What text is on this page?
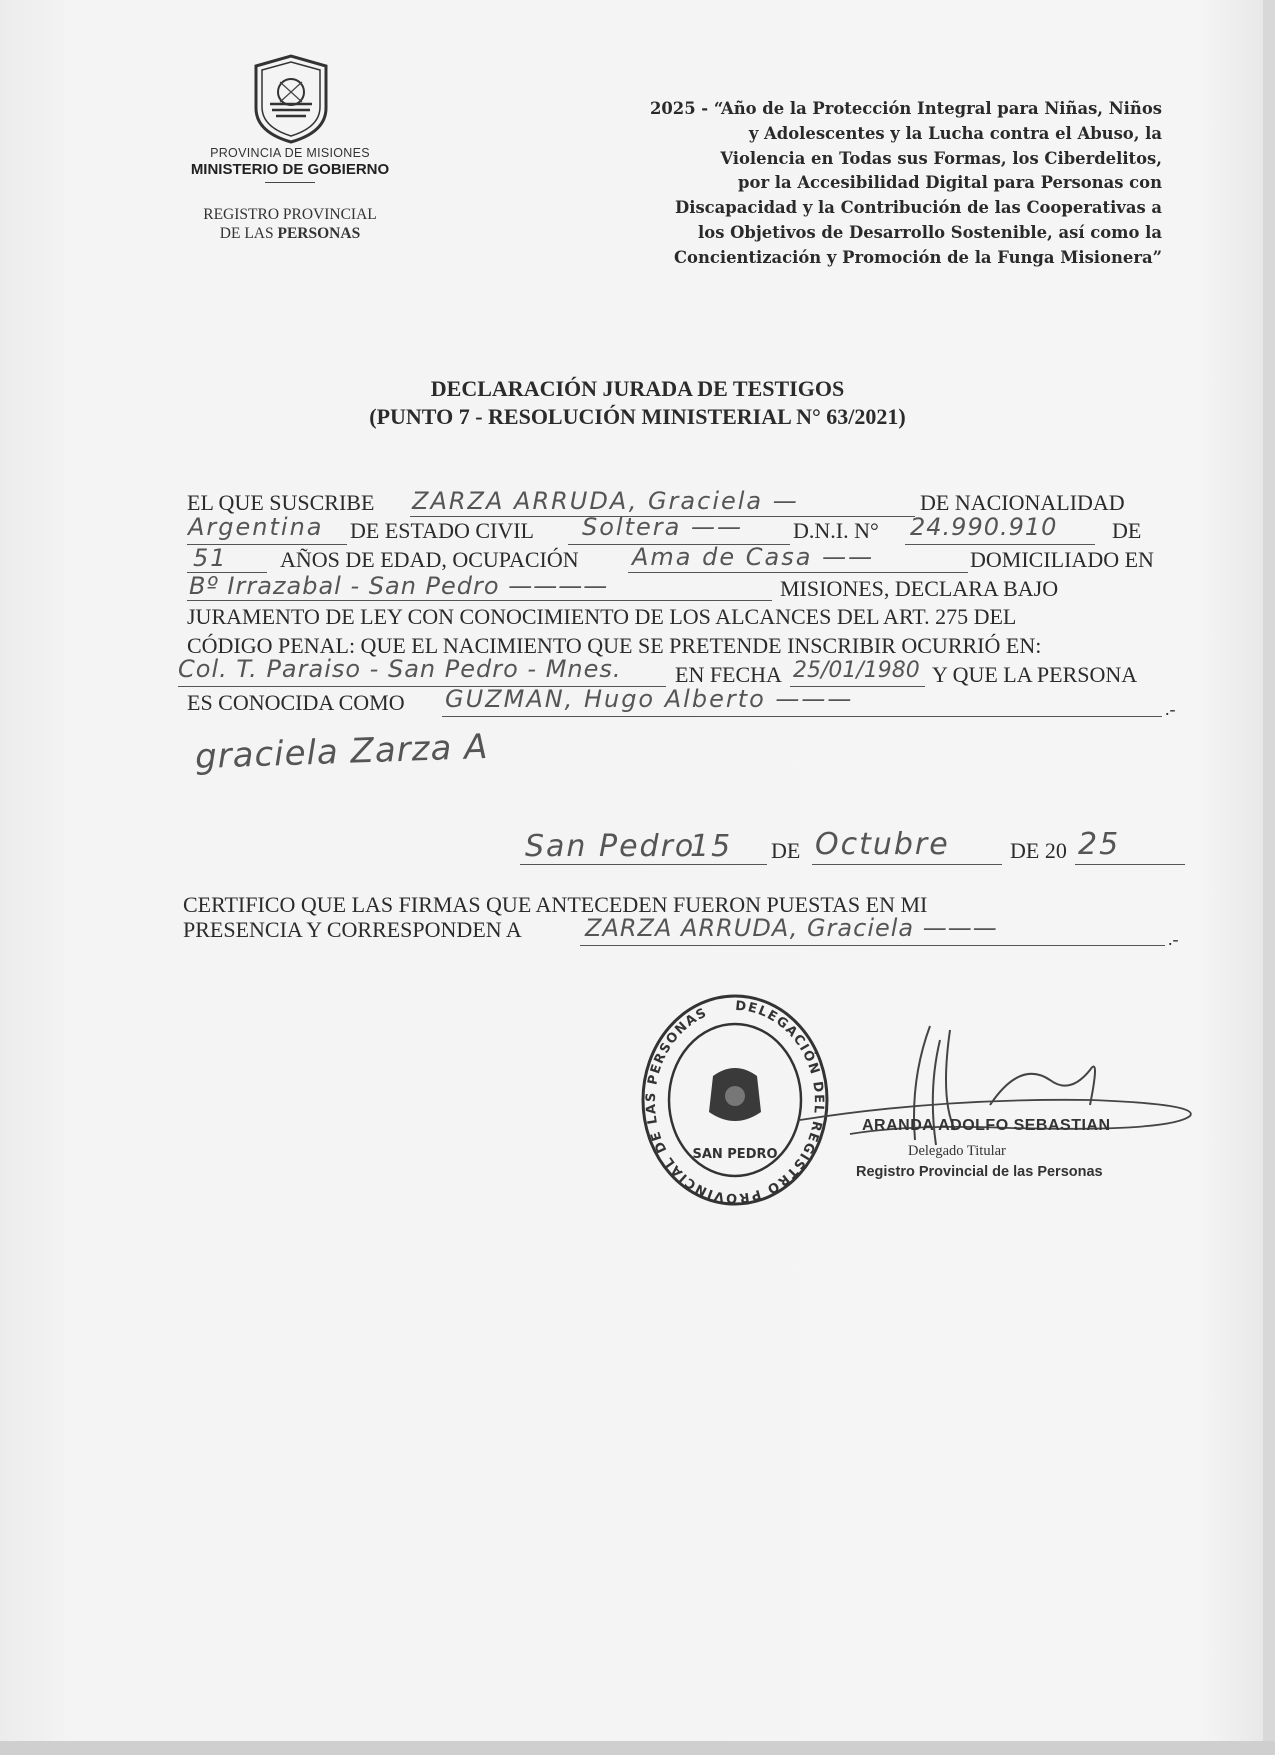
PROVINCIA DE MISIONES
MINISTERIO DE GOBIERNO
REGISTRO PROVINCIAL
DE LAS PERSONAS
2025 - “Año de la Protección Integral para Niñas, Niños
y Adolescentes y la Lucha contra el Abuso, la
Violencia en Todas sus Formas, los Ciberdelitos,
por la Accesibilidad Digital para Personas con
Discapacidad y la Contribución de las Cooperativas a
los Objetivos de Desarrollo Sostenible, así como la
Concientización y Promoción de la Funga Misionera”
DECLARACIÓN JURADA DE TESTIGOS
(PUNTO 7 - RESOLUCIÓN MINISTERIAL N° 63/2021)
EL QUE SUSCRIBE ZARZA ARRUDA, Graciela —	DE NACIONALIDAD
Argentina DE ESTADO CIVIL Soltera —— D.N.I. N° 24.990.910 DE
51 AÑOS DE EDAD, OCUPACIÓN Ama de Casa ——	DOMICILIADO EN
Bº Irrazabal - San Pedro ————	MISIONES, DECLARA BAJO
JURAMENTO DE LEY CON CONOCIMIENTO DE LOS ALCANCES DEL ART. 275 DEL
CÓDIGO PENAL: QUE EL NACIMIENTO QUE SE PRETENDE INSCRIBIR OCURRIÓ EN:
Col. T. Paraiso - San Pedro - Mnes. EN FECHA 25/01/1980 Y QUE LA PERSONA
ES CONOCIDA COMO GUZMAN, Hugo Alberto ———	.-
graciela Zarza A
San Pedro
15 DE Octubre	DE 20 25
CERTIFICO QUE LAS FIRMAS QUE ANTECEDEN FUERON PUESTAS EN MI
PRESENCIA Y CORRESPONDEN A	ZARZA ARRUDA, Graciela ———	.-
DELEGACIÓN DEL REGISTRO PROVINCIAL DE LAS PERSONAS
SAN PEDRO
ARANDA ADOLFO SEBASTIAN
Delegado Titular
Registro Provincial de las Personas
